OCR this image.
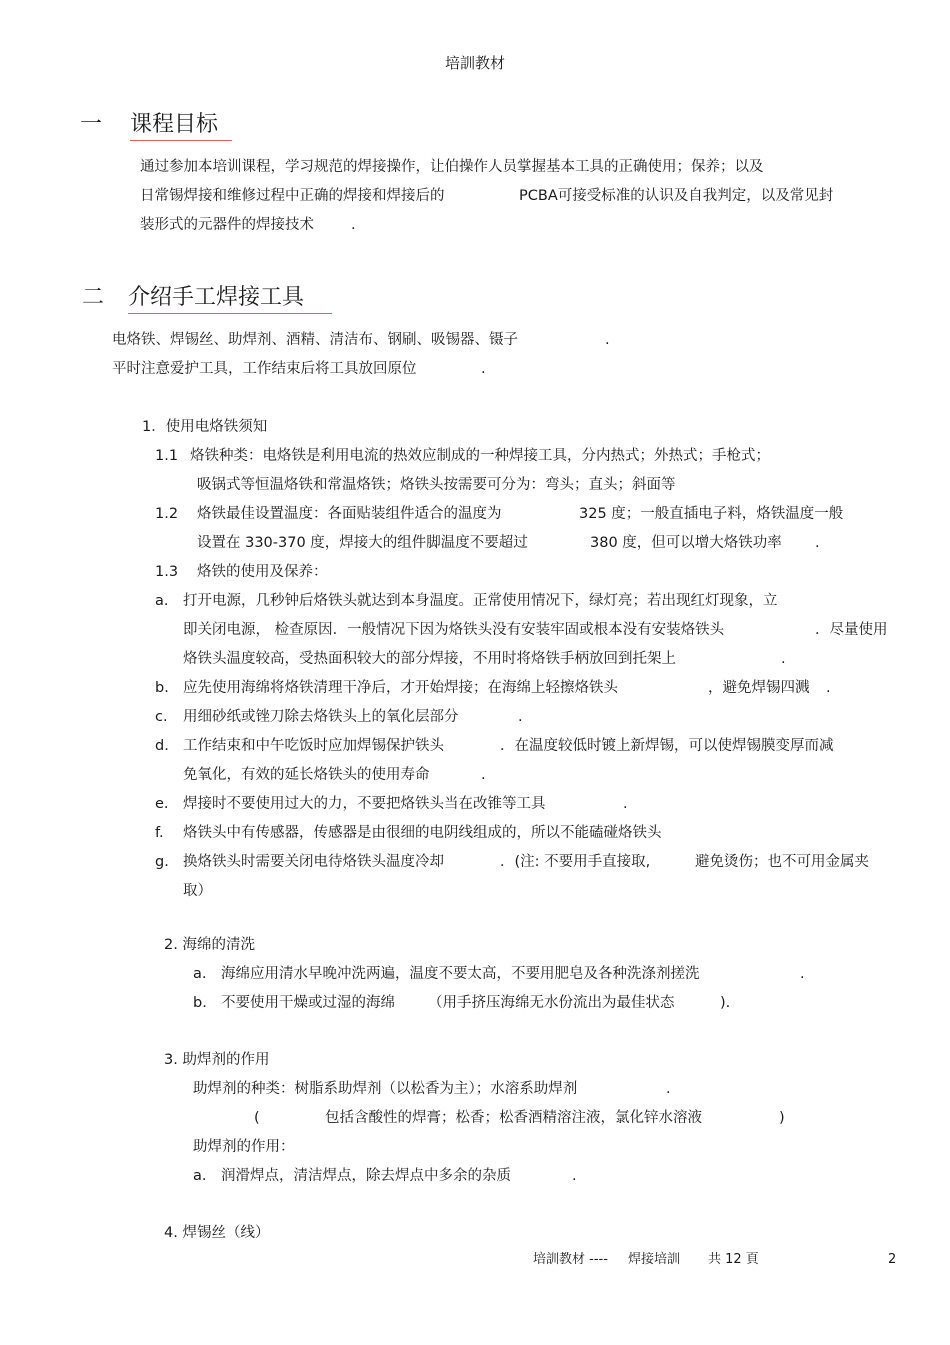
培訓教材
一 课程目标
通过参加本培训课程，学习规范的焊接操作，让伯操作人员掌握基本工具的正确使用；保养；以及
日常锡焊接和维修过程中正确的焊接和焊接后的	PCBA可接受标准的认识及自我判定，以及常见封
装形式的元器件的焊接技术	.
二 介绍手工焊接工具
电烙铁、焊锡丝、助焊剂、酒精、清洁布、钢刷、吸锡器、镊子	.
平时注意爱护工具，工作结束后将工具放回原位	.
1．使用电烙铁须知
1.1 烙铁种类：电烙铁是利用电流的热效应制成的一种焊接工具，分内热式；外热式；手枪式；
吸锅式等恒温烙铁和常温烙铁；烙铁头按需要可分为：弯头；直头；斜面等
1.2 烙铁最佳设置温度：各面贴装组件适合的温度为	325 度；一般直插电子料，烙铁温度一般
设置在 330-370 度，焊接大的组件脚温度不要超过	380 度，但可以增大烙铁功率 .
1.3 烙铁的使用及保养：
a. 打开电源，几秒钟后烙铁头就达到本身温度。正常使用情况下，绿灯亮；若出现红灯现象，立
即关闭电源， 检查原因．一般情况下因为烙铁头没有安装牢固或根本没有安装烙铁头	．尽量使用
烙铁头温度较高，受热面积较大的部分焊接，不用时将烙铁手柄放回到托架上	.
b. 应先使用海绵将烙铁清理干净后，才开始焊接；在海绵上轻擦烙铁头	，避免焊锡四溅 .
c. 用细砂纸或锉刀除去烙铁头上的氧化层部分	.
d. 工作结束和中午吃饭时应加焊锡保护铁头	．在温度较低时镀上新焊锡，可以使焊锡膜变厚而减
免氧化，有效的延长烙铁头的使用寿命	.
e. 焊接时不要使用过大的力，不要把烙铁头当在改锥等工具	.
f. 烙铁头中有传感器，传感器是由很细的电阴线组成的，所以不能磕碰烙铁头
g. 换烙铁头时需要关闭电待烙铁头温度冷却	．(注: 不要用手直接取,	避免烫伤；也不可用金属夹
取）
2. 海绵的清洗
a. 海绵应用清水早晚冲洗两遍，温度不要太高，不要用肥皂及各种洗涤剂搓洗	.
b. 不要使用干燥或过湿的海绵 （用手挤压海绵无水份流出为最佳状态	).
3. 助焊剂的作用
助焊剂的种类：树脂系助焊剂（以松香为主）；水溶系助焊剂	.
(	包括含酸性的焊膏；松香；松香酒精溶注液，氯化锌水溶液	)
助焊剂的作用：
a. 润滑焊点，清洁焊点，除去焊点中多余的杂质	.
4. 焊锡丝（线）
培訓教材 ---- 焊接培訓 共 12 頁	2
